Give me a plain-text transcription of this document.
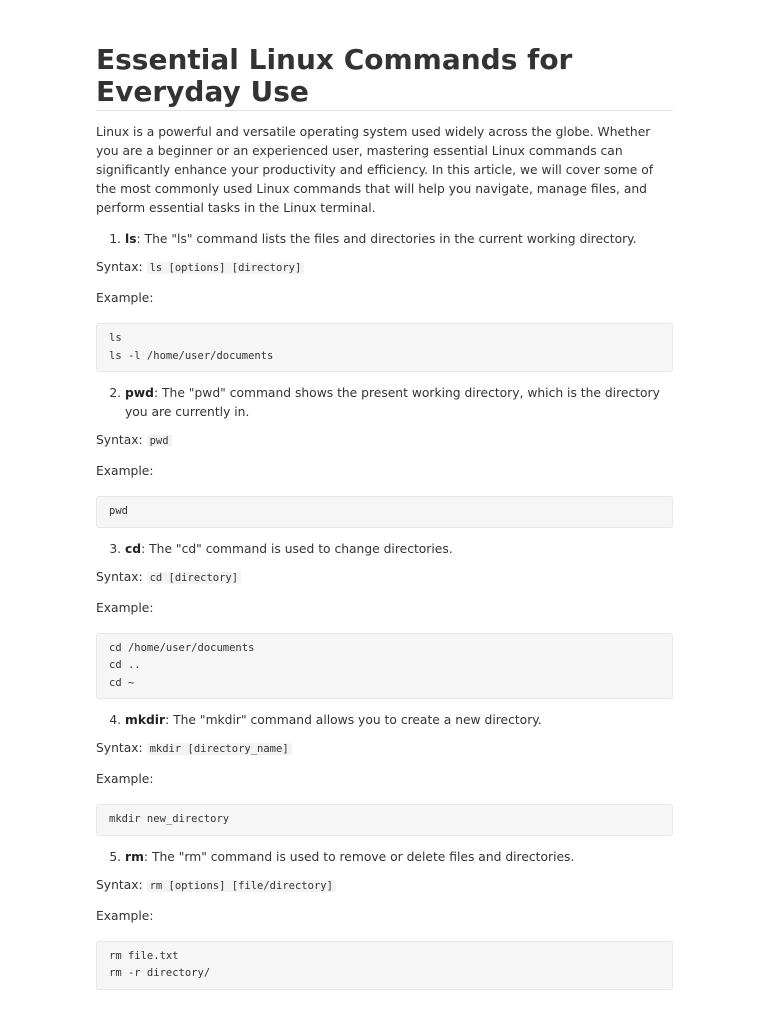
Essential Linux Commands for Everyday Use

Linux is a powerful and versatile operating system used widely across the globe. Whether you are a beginner or an experienced user, mastering essential Linux commands can significantly enhance your productivity and efficiency. In this article, we will cover some of the most commonly used Linux commands that will help you navigate, manage files, and perform essential tasks in the Linux terminal.

1. ls: The "ls" command lists the files and directories in the current working directory.

Syntax: ls [options] [directory]

Example:

ls
ls -l /home/user/documents
2. pwd: The "pwd" command shows the present working directory, which is the directory you are currently in.

Syntax: pwd

Example:

pwd
3. cd: The "cd" command is used to change directories.

Syntax: cd [directory]

Example:

cd /home/user/documents
cd ..
cd ~
4. mkdir: The "mkdir" command allows you to create a new directory.

Syntax: mkdir [directory_name]

Example:

mkdir new_directory
5. rm: The "rm" command is used to remove or delete files and directories.

Syntax: rm [options] [file/directory]

Example:

rm file.txt
rm -r directory/
